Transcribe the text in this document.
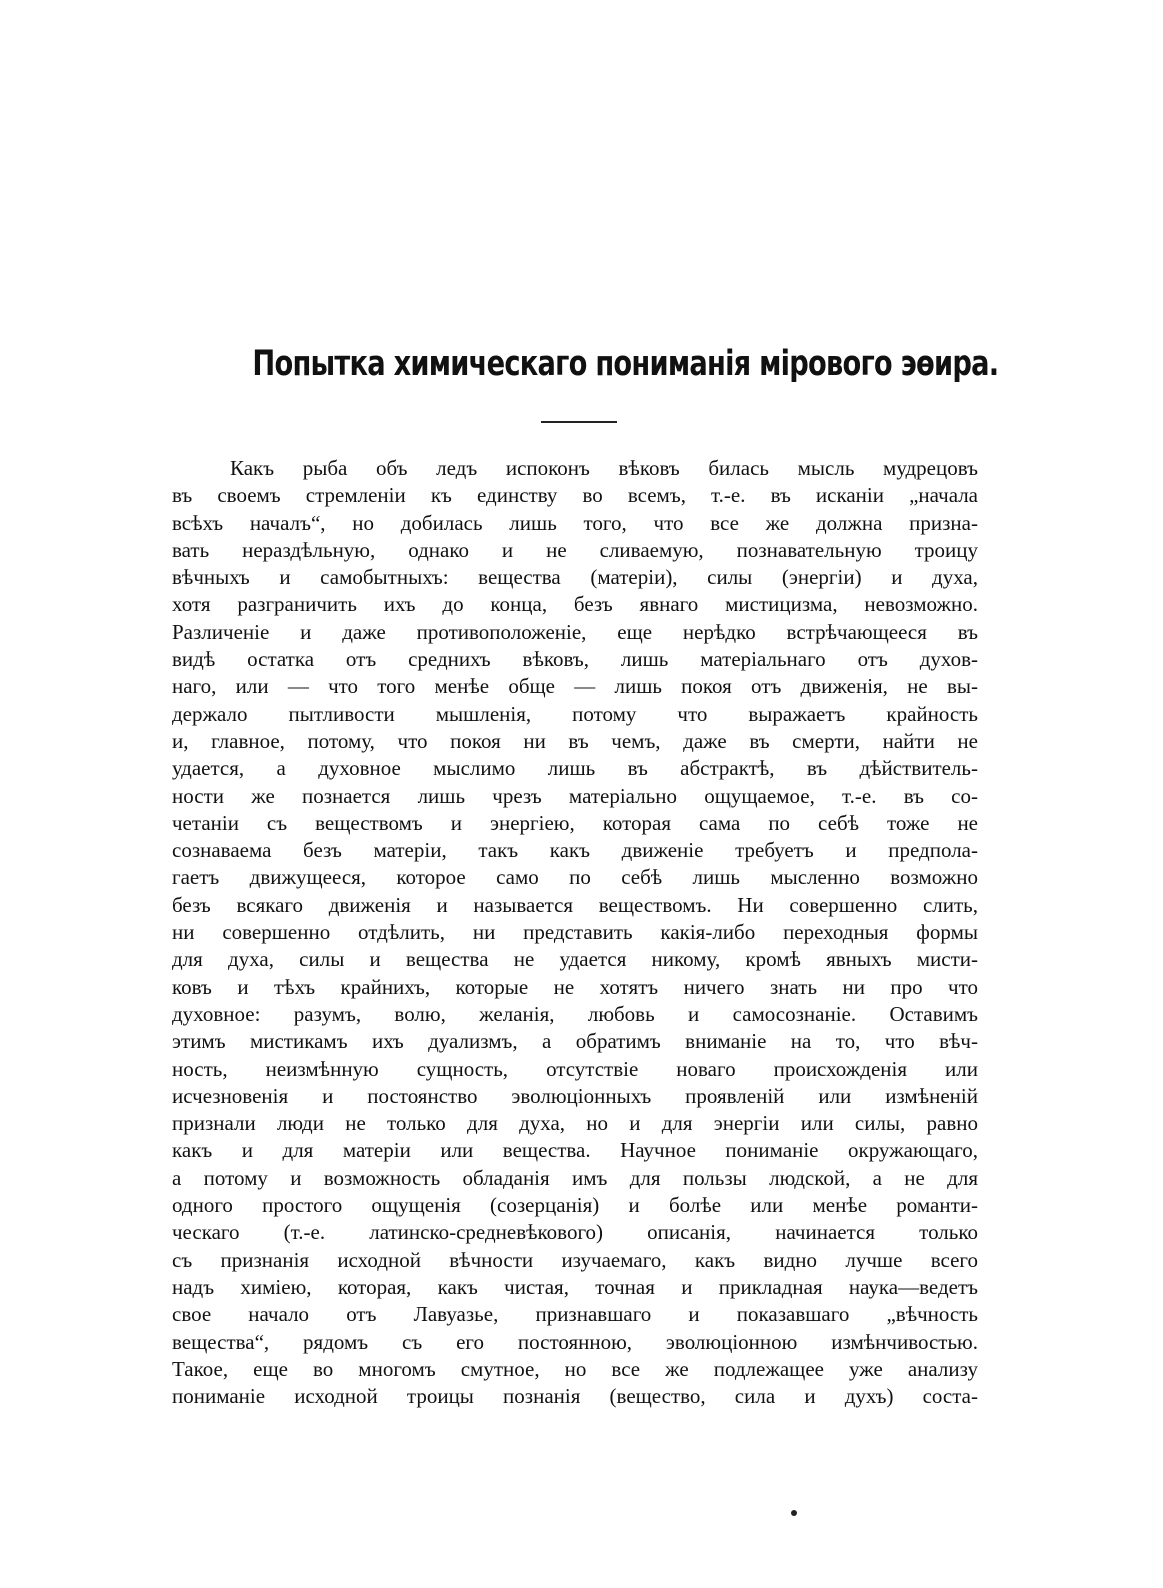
Попытка химическаго пониманія мірового эѳира.
Какъ рыба объ ледъ испоконъ вѣковъ билась мысль мудрецовъ
въ своемъ стремленіи къ единству во всемъ, т.-е. въ исканіи „начала
всѣхъ началъ“, но добилась лишь того, что все же должна призна-
вать нераздѣльную, однако и не сливаемую, познавательную троицу
вѣчныхъ и самобытныхъ: вещества (матеріи), силы (энергіи) и духа,
хотя разграничить ихъ до конца, безъ явнаго мистицизма, невозможно.
Различеніе и даже противоположеніе, еще нерѣдко встрѣчающееся въ
видѣ остатка отъ среднихъ вѣковъ, лишь матеріальнаго отъ духов-
наго, или — что того менѣе обще — лишь покоя отъ движенія, не вы-
держало пытливости мышленія, потому что выражаетъ крайность
и, главное, потому, что покоя ни въ чемъ, даже въ смерти, найти не
удается, а духовное мыслимо лишь въ абстрактѣ, въ дѣйствитель-
ности же познается лишь чрезъ матеріально ощущаемое, т.-е. въ со-
четаніи съ веществомъ и энергіею, которая сама по себѣ тоже не
сознаваема безъ матеріи, такъ какъ движеніе требуетъ и предпола-
гаетъ движущееся, которое само по себѣ лишь мысленно возможно
безъ всякаго движенія и называется веществомъ. Ни совершенно слить,
ни совершенно отдѣлить, ни представить какія-либо переходныя формы
для духа, силы и вещества не удается никому, кромѣ явныхъ мисти-
ковъ и тѣхъ крайнихъ, которые не хотятъ ничего знать ни про что
духовное: разумъ, волю, желанія, любовь и самосознаніе. Оставимъ
этимъ мистикамъ ихъ дуализмъ, а обратимъ вниманіе на то, что вѣч-
ность, неизмѣнную сущность, отсутствіе новаго происхожденія или
исчезновенія и постоянство эволюціонныхъ проявленій или измѣненій
признали люди не только для духа, но и для энергіи или силы, равно
какъ и для матеріи или вещества. Научное пониманіе окружающаго,
а потому и возможность обладанія имъ для пользы людской, а не для
одного простого ощущенія (созерцанія) и болѣе или менѣе романти-
ческаго (т.-е. латинско-средневѣкового) описанія, начинается только
съ признанія исходной вѣчности изучаемаго, какъ видно лучше всего
надъ химіею, которая, какъ чистая, точная и прикладная наука—ведетъ
свое начало отъ Лавуазье, признавшаго и показавшаго „вѣчность
вещества“, рядомъ съ его постоянною, эволюціонною измѣнчивостью.
Такое, еще во многомъ смутное, но все же подлежащее уже анализу
пониманіе исходной троицы познанія (вещество, сила и духъ) соста-
